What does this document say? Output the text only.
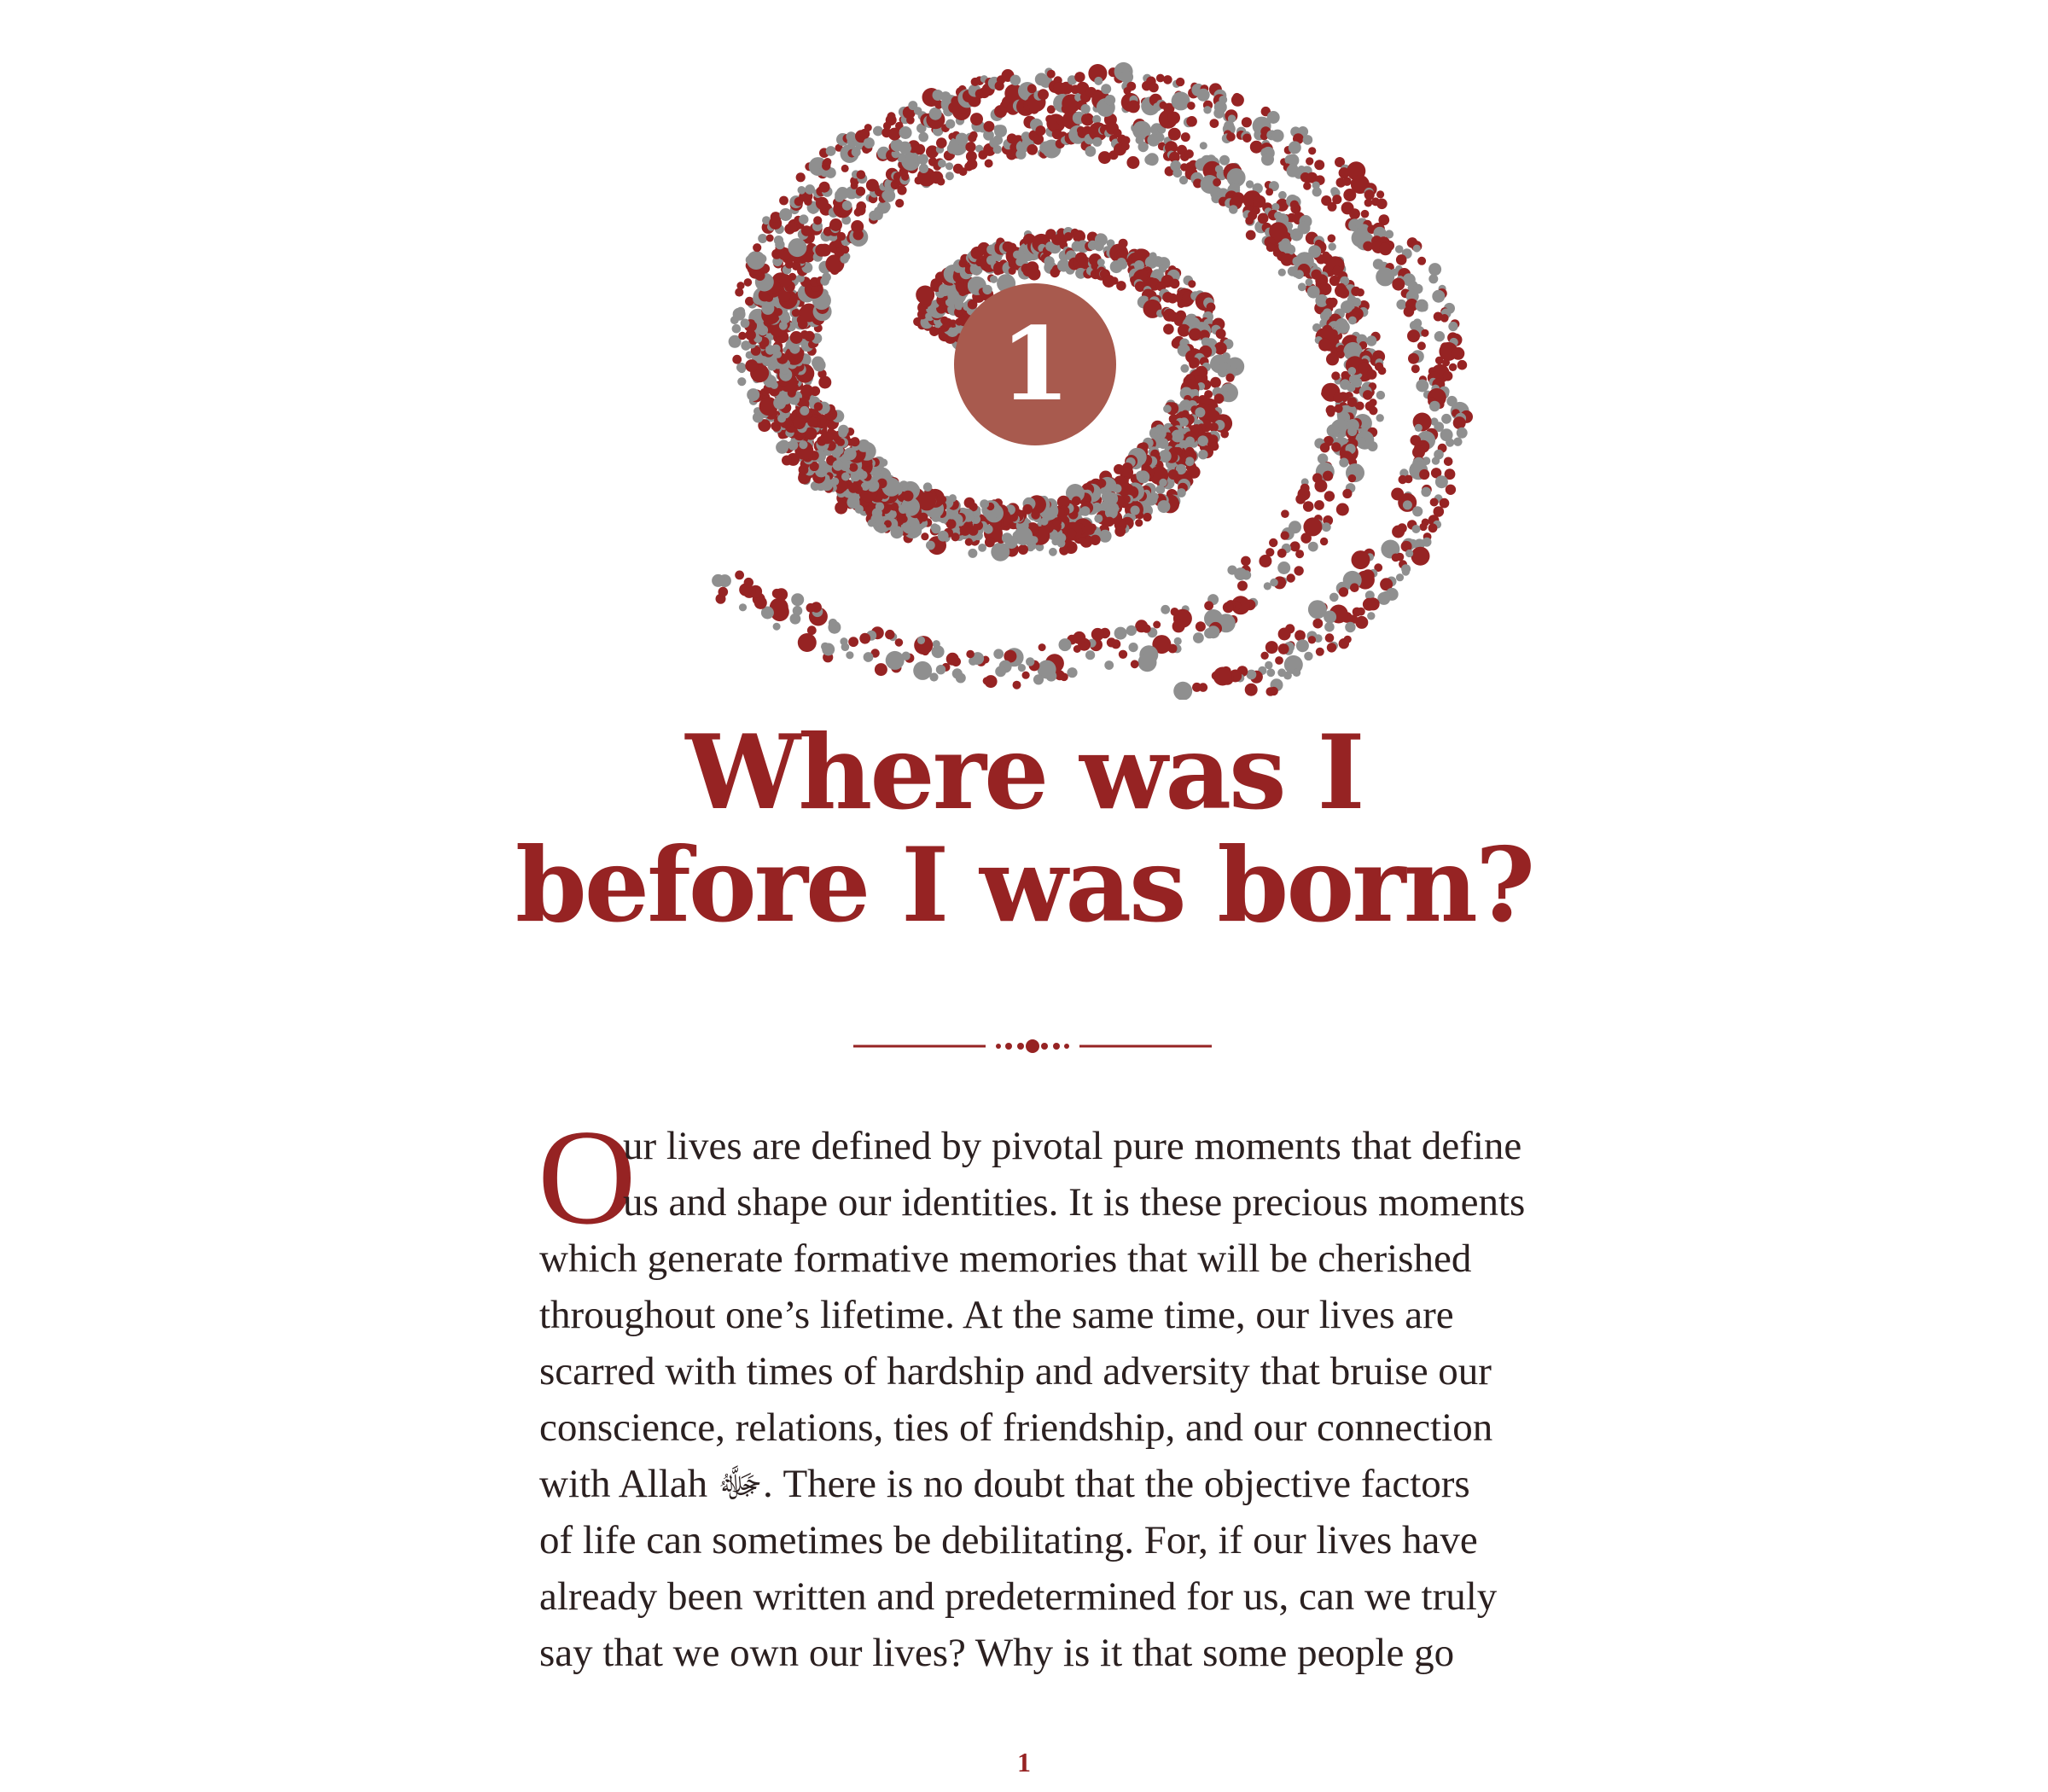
1
Where was I
before I was born?
O
ur lives are defined by pivotal pure moments that define
us and shape our identities. It is these precious moments
which generate formative memories that will be cherished
throughout one’s lifetime. At the same time, our lives are
scarred with times of hardship and adversity that bruise our
conscience, relations, ties of friendship, and our connection
with Allah ﷻ. There is no doubt that the objective factors
of life can sometimes be debilitating. For, if our lives have
already been written and predetermined for us, can we truly
say that we own our lives? Why is it that some people go
1
